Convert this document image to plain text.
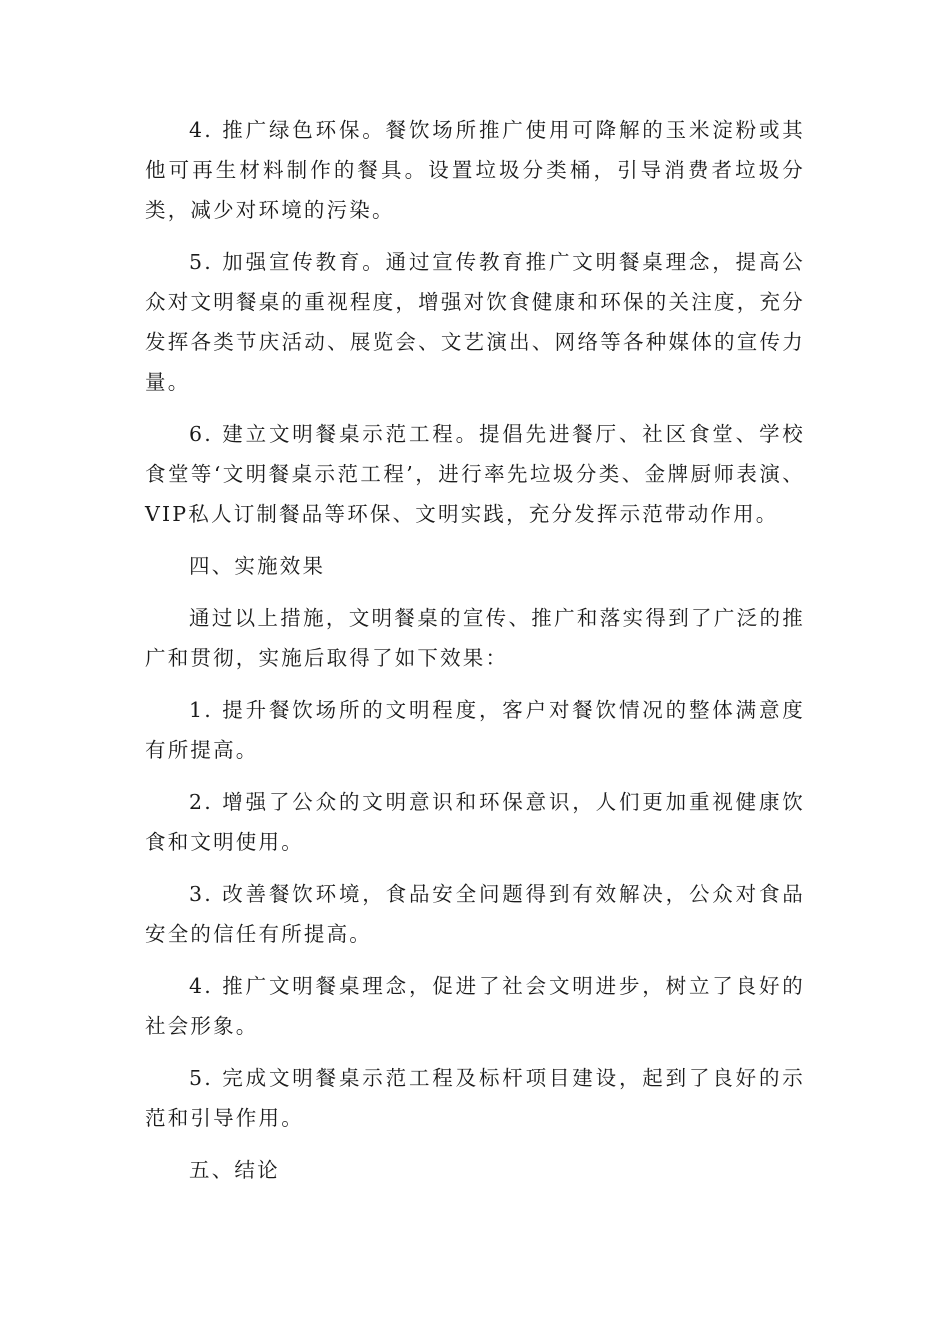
4. 推广绿色环保。餐饮场所推广使用可降解的玉米淀粉或其他可再生材料制作的餐具。设置垃圾分类桶，引导消费者垃圾分类，减少对环境的污染。

5. 加强宣传教育。通过宣传教育推广文明餐桌理念，提高公众对文明餐桌的重视程度，增强对饮食健康和环保的关注度，充分发挥各类节庆活动、展览会、文艺演出、网络等各种媒体的宣传力量。

6. 建立文明餐桌示范工程。提倡先进餐厅、社区食堂、学校食堂等‘文明餐桌示范工程’，进行率先垃圾分类、金牌厨师表演、VIP私人订制餐品等环保、文明实践，充分发挥示范带动作用。

四、实施效果

通过以上措施，文明餐桌的宣传、推广和落实得到了广泛的推广和贯彻，实施后取得了如下效果：

1. 提升餐饮场所的文明程度，客户对餐饮情况的整体满意度有所提高。

2. 增强了公众的文明意识和环保意识，人们更加重视健康饮食和文明使用。

3. 改善餐饮环境，食品安全问题得到有效解决，公众对食品安全的信任有所提高。

4. 推广文明餐桌理念，促进了社会文明进步，树立了良好的社会形象。

5. 完成文明餐桌示范工程及标杆项目建设，起到了良好的示范和引导作用。

五、结论
